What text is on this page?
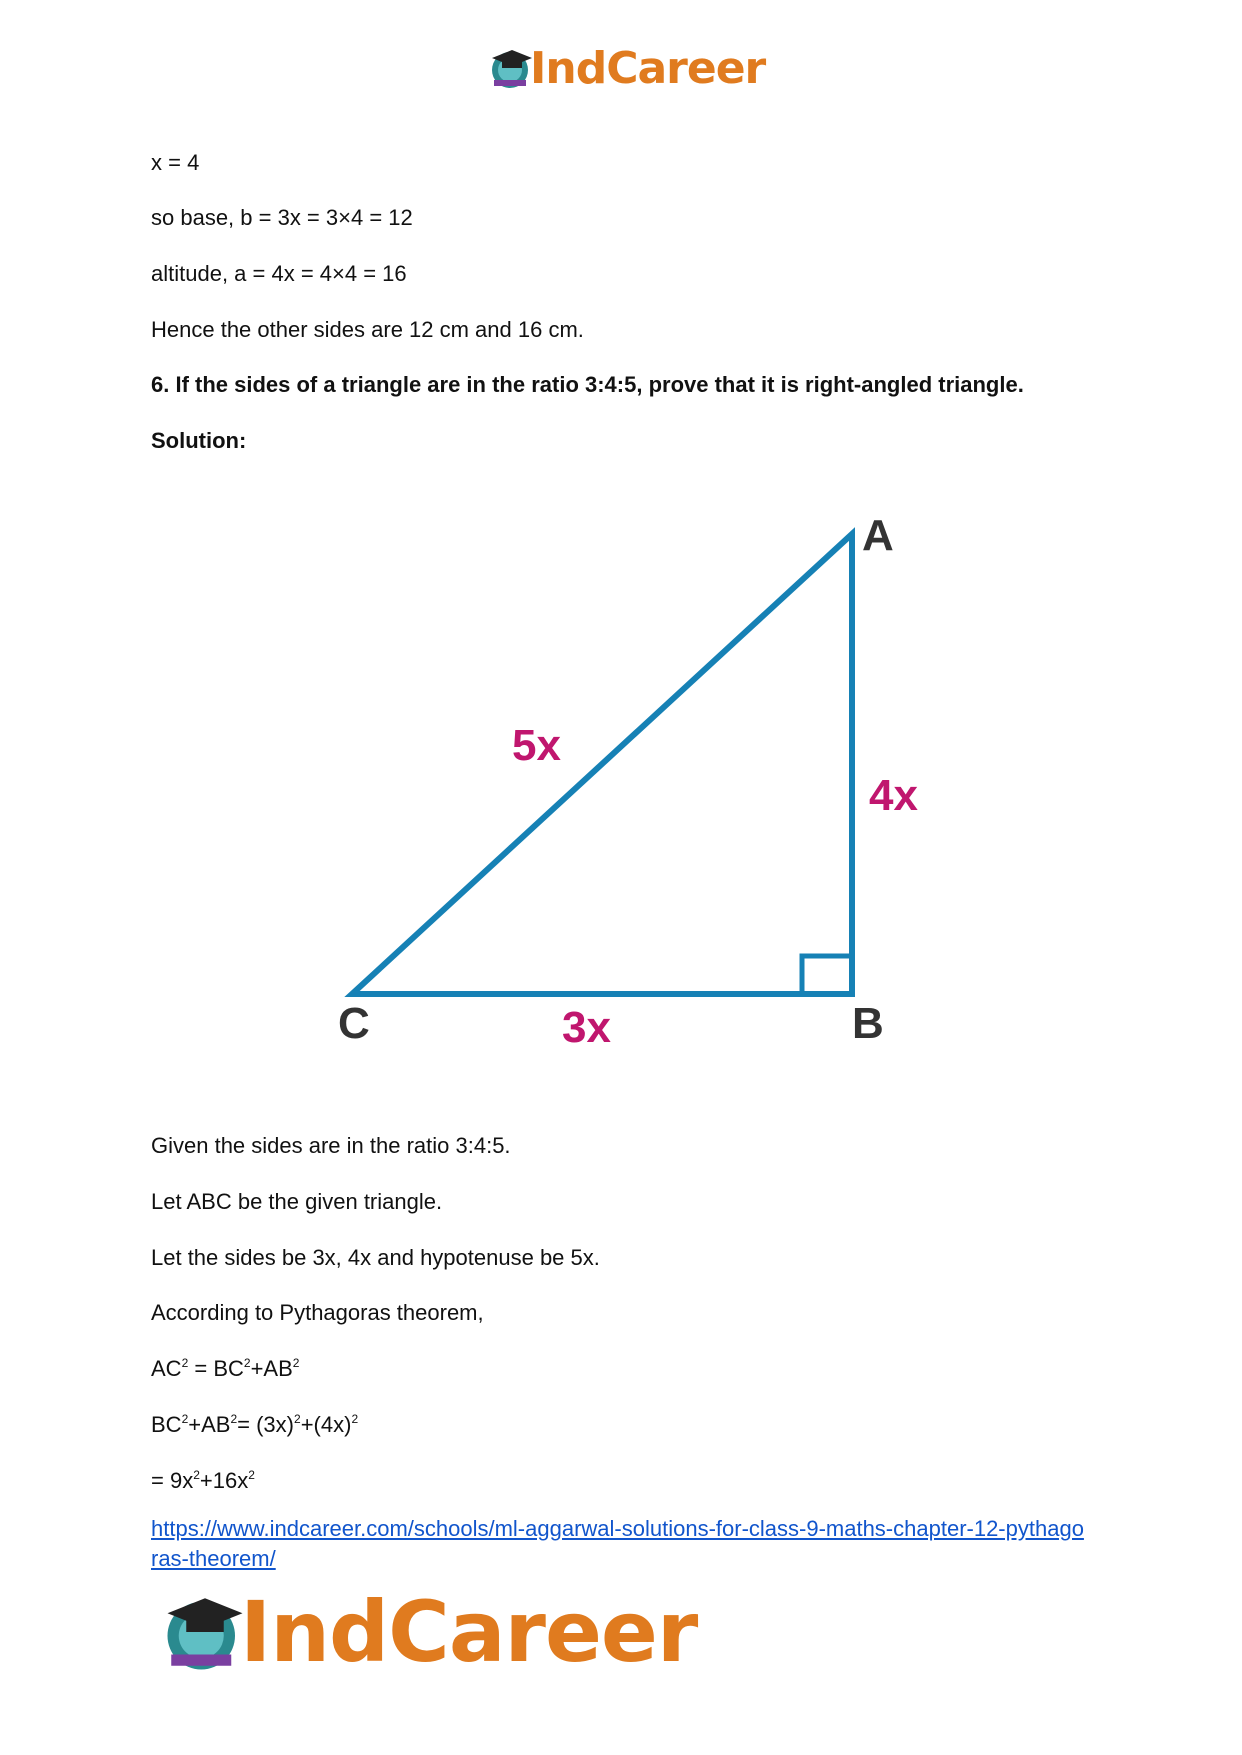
IndCareer
x = 4
so base, b = 3x = 3×4 = 12
altitude, a = 4x = 4×4 = 16
Hence the other sides are 12 cm and 16 cm.
6. If the sides of a triangle are in the ratio 3:4:5, prove that it is right-angled triangle.
Solution:
A
B
C
5x
4x
3x
Given the sides are in the ratio 3:4:5.
Let ABC be the given triangle.
Let the sides be 3x, 4x and hypotenuse be 5x.
According to Pythagoras theorem,
$AC^2 = BC^2+AB^2$
$BC^2+AB^2= (3x)^2+(4x)^2$
= $9x^2+16x^2$
https://www.indcareer.com/schools/ml-aggarwal-solutions-for-class-9-maths-chapter-12-pythagoras-theorem/
IndCareer
